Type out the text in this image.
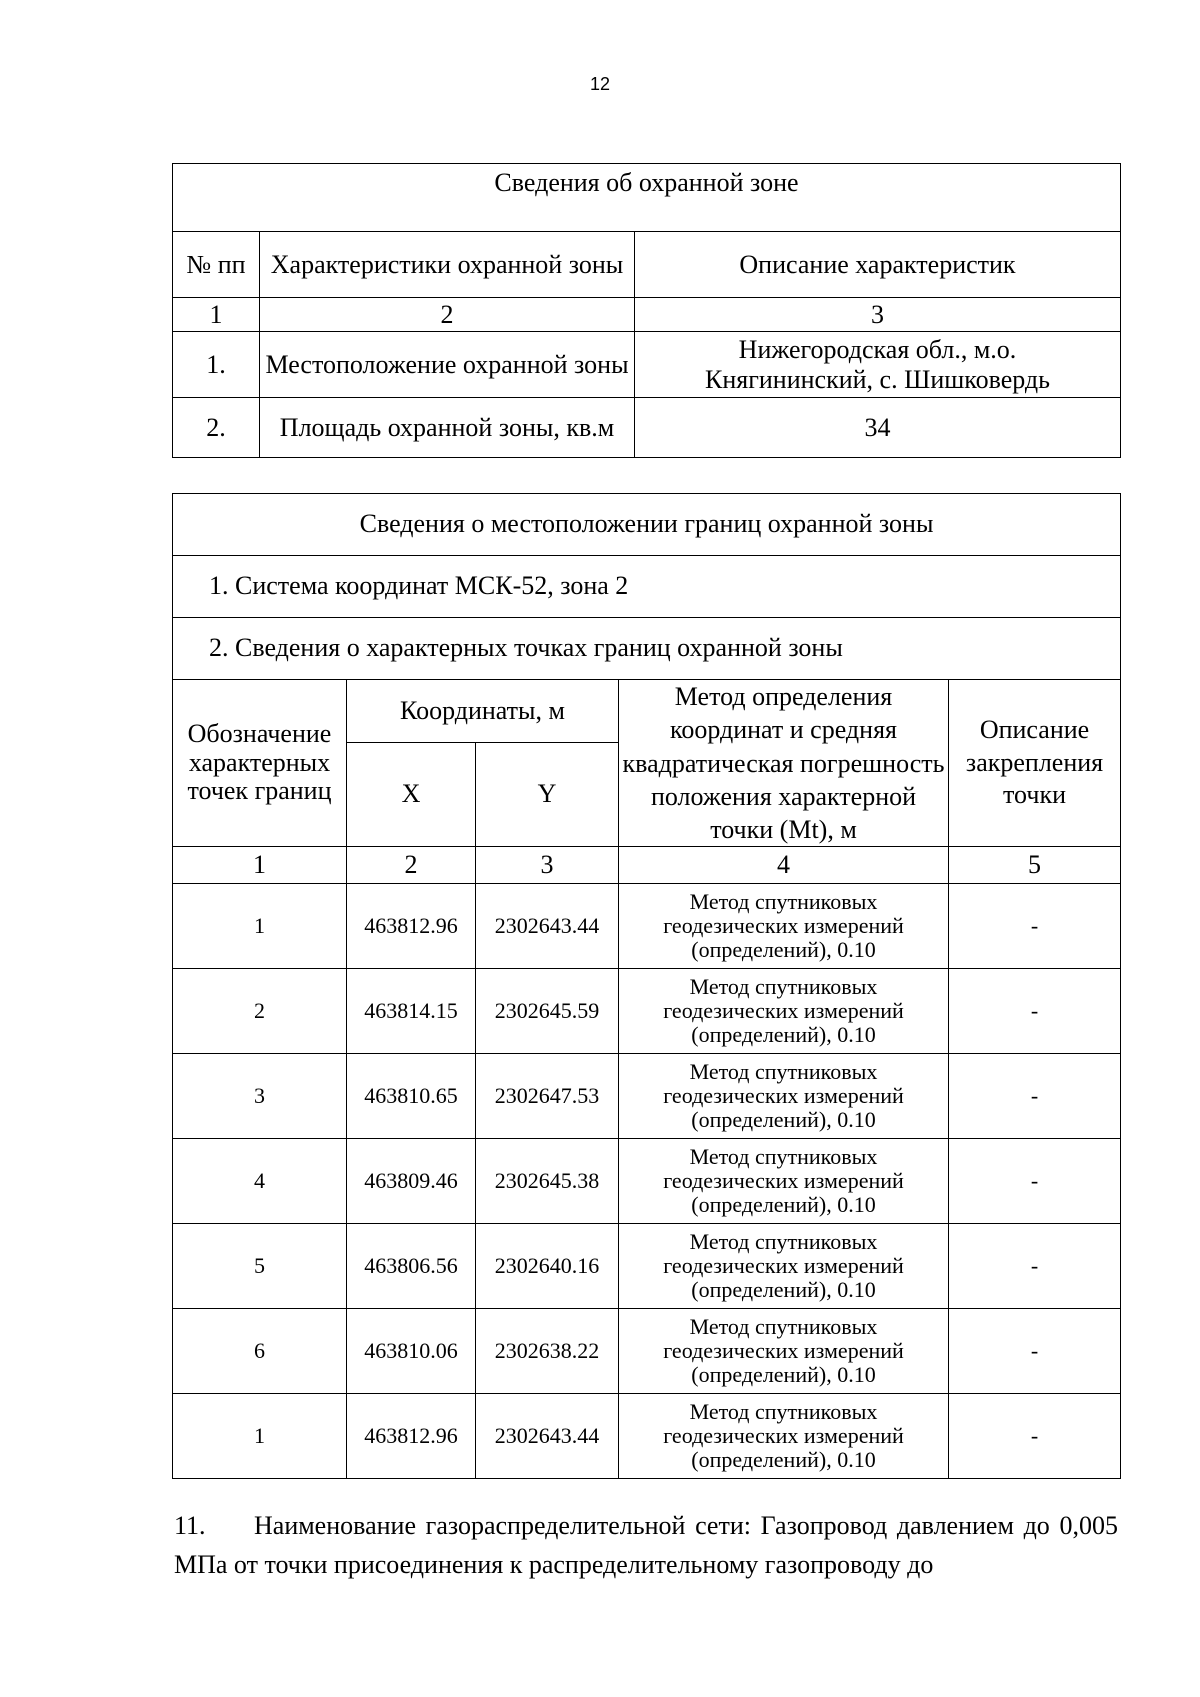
12
Сведения об охранной зоне		
№ пп	Характеристики охранной зоны	Описание характеристик
1	2	3
1.	Местоположение охранной зоны	Нижегородская обл., м.о. Княгининский, с. Шишковердь
2.	Площадь охранной зоны, кв.м	34
Сведения о местоположении границ охранной зоны				
1. Система координат МСК-52, зона 2				
2. Сведения о характерных точках границ охранной зоны				
Обозначение характерных точек границ	Координаты, м		Метод определения координат и средняя квадратическая погрешность положения характерной точки (Mt), м	Описание закрепления точки
	X	Y		
1	2	3	4	5
1	463812.96	2302643.44	Метод спутниковых геодезических измерений (определений), 0.10	-
2	463814.15	2302645.59	Метод спутниковых геодезических измерений (определений), 0.10	-
3	463810.65	2302647.53	Метод спутниковых геодезических измерений (определений), 0.10	-
4	463809.46	2302645.38	Метод спутниковых геодезических измерений (определений), 0.10	-
5	463806.56	2302640.16	Метод спутниковых геодезических измерений (определений), 0.10	-
6	463810.06	2302638.22	Метод спутниковых геодезических измерений (определений), 0.10	-
1	463812.96	2302643.44	Метод спутниковых геодезических измерений (определений), 0.10	-
11. Наименование газораспределительной сети: Газопровод давлением до 0,005 МПа от точки присоединения к распределительному газопроводу до
